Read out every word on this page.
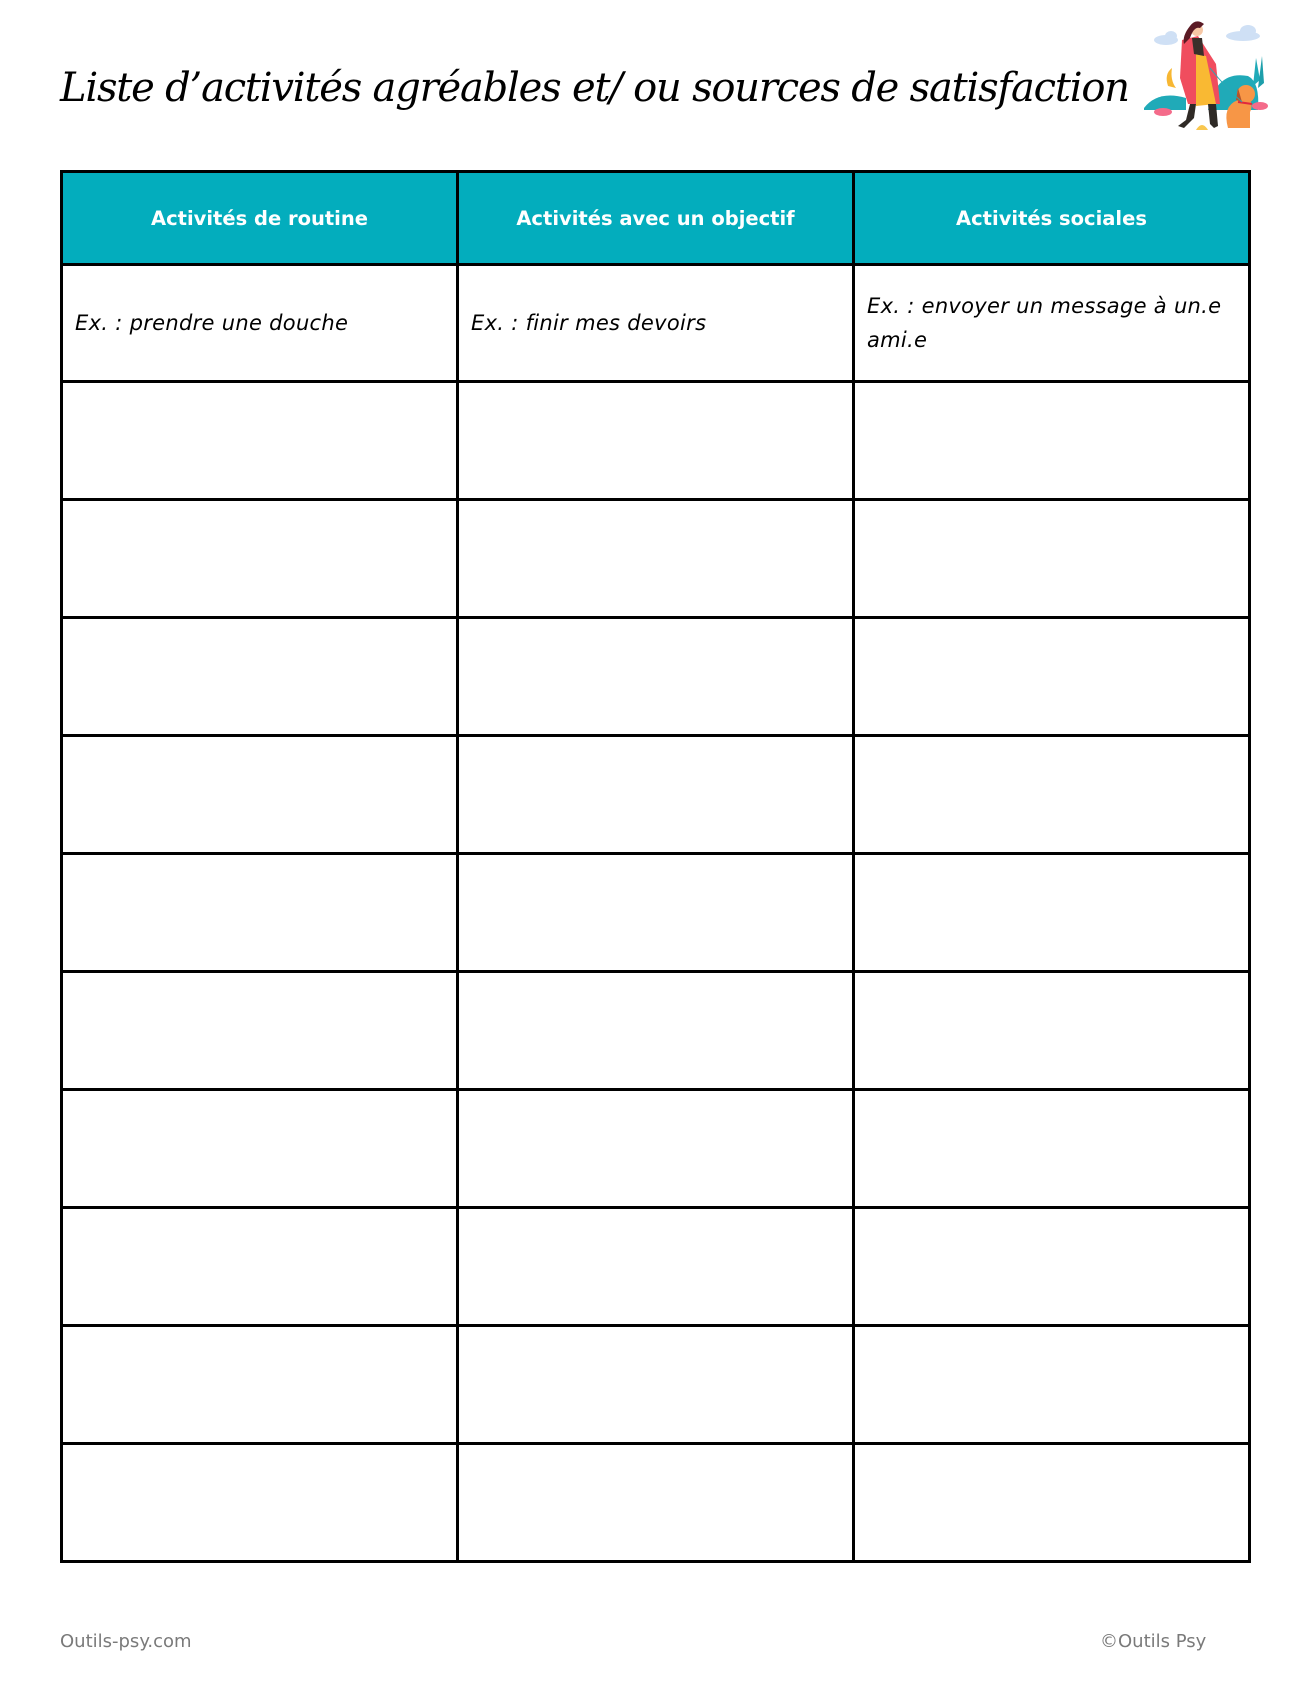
Liste d’activités agréables et/ ou sources de satisfaction
Activités de routine	Activités avec un objectif	Activités sociales
Ex. : prendre une douche	Ex. : finir mes devoirs	Ex. : envoyer un message à un.e ami.e

Outils-psy.com	©Outils Psy
